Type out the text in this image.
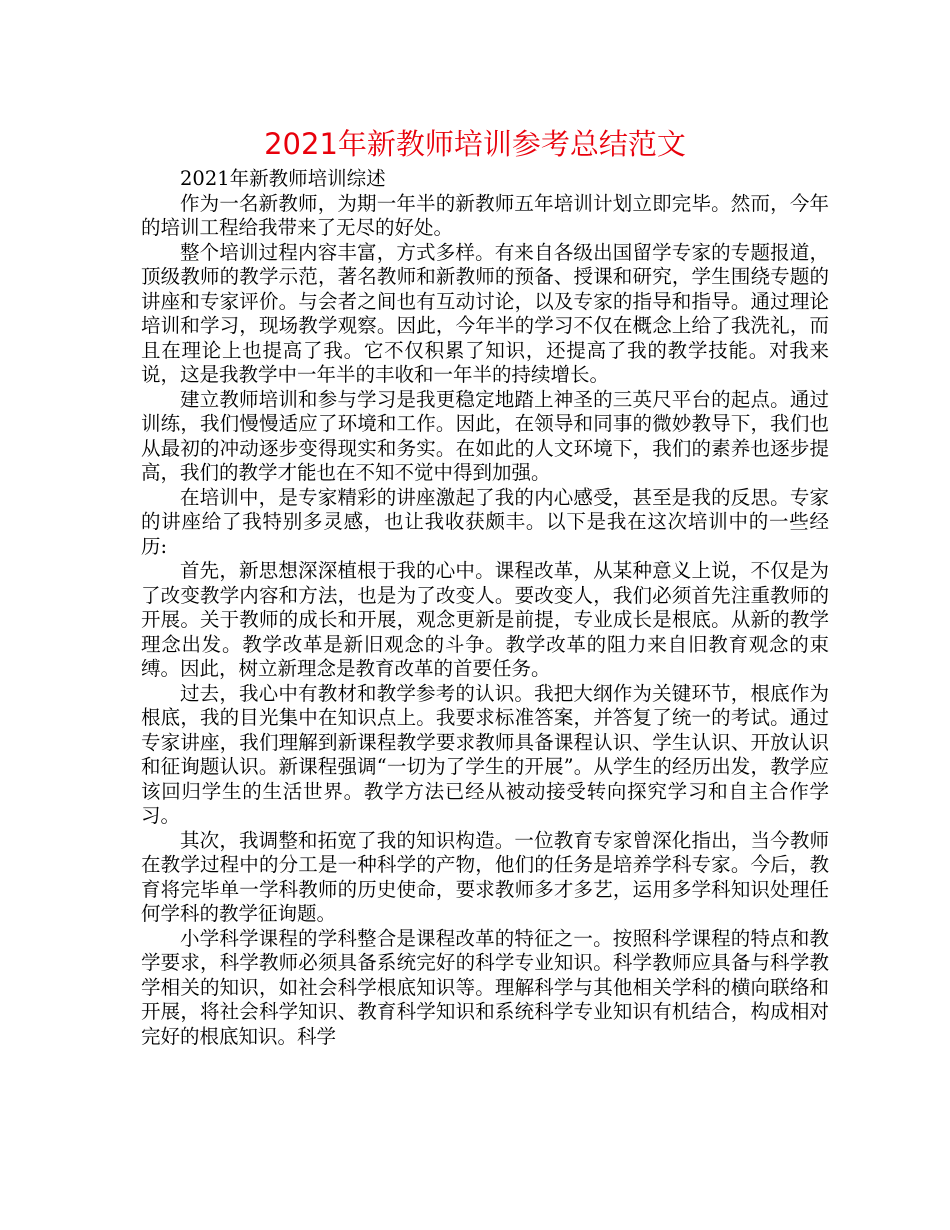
2021年新教师培训参考总结范文

2021年新教师培训综述

作为一名新教师，为期一年半的新教师五年培训计划立即完毕。然而，今年的培训工程给我带来了无尽的好处。

整个培训过程内容丰富，方式多样。有来自各级出国留学专家的专题报道，顶级教师的教学示范，著名教师和新教师的预备、授课和研究，学生围绕专题的讲座和专家评价。与会者之间也有互动讨论，以及专家的指导和指导。通过理论培训和学习，现场教学观察。因此，今年半的学习不仅在概念上给了我洗礼，而且在理论上也提高了我。它不仅积累了知识，还提高了我的教学技能。对我来说，这是我教学中一年半的丰收和一年半的持续增长。

建立教师培训和参与学习是我更稳定地踏上神圣的三英尺平台的起点。通过训练，我们慢慢适应了环境和工作。因此，在领导和同事的微妙教导下，我们也从最初的冲动逐步变得现实和务实。在如此的人文环境下，我们的素养也逐步提高，我们的教学才能也在不知不觉中得到加强。

在培训中，是专家精彩的讲座激起了我的内心感受，甚至是我的反思。专家的讲座给了我特别多灵感，也让我收获颇丰。以下是我在这次培训中的一些经历:

首先，新思想深深植根于我的心中。课程改革，从某种意义上说，不仅是为了改变教学内容和方法，也是为了改变人。要改变人，我们必须首先注重教师的开展。关于教师的成长和开展，观念更新是前提，专业成长是根底。从新的教学理念出发。教学改革是新旧观念的斗争。教学改革的阻力来自旧教育观念的束缚。因此，树立新理念是教育改革的首要任务。

过去，我心中有教材和教学参考的认识。我把大纲作为关键环节，根底作为根底，我的目光集中在知识点上。我要求标准答案，并答复了统一的考试。通过专家讲座，我们理解到新课程教学要求教师具备课程认识、学生认识、开放认识和征询题认识。新课程强调“一切为了学生的开展”。从学生的经历出发，教学应该回归学生的生活世界。教学方法已经从被动接受转向探究学习和自主合作学习。

其次，我调整和拓宽了我的知识构造。一位教育专家曾深化指出，当今教师在教学过程中的分工是一种科学的产物，他们的任务是培养学科专家。今后，教育将完毕单一学科教师的历史使命，要求教师多才多艺，运用多学科知识处理任何学科的教学征询题。

小学科学课程的学科整合是课程改革的特征之一。按照科学课程的特点和教学要求，科学教师必须具备系统完好的科学专业知识。科学教师应具备与科学教学相关的知识，如社会科学根底知识等。理解科学与其他相关学科的横向联络和开展，将社会科学知识、教育科学知识和系统科学专业知识有机结合，构成相对完好的根底知识。科学
